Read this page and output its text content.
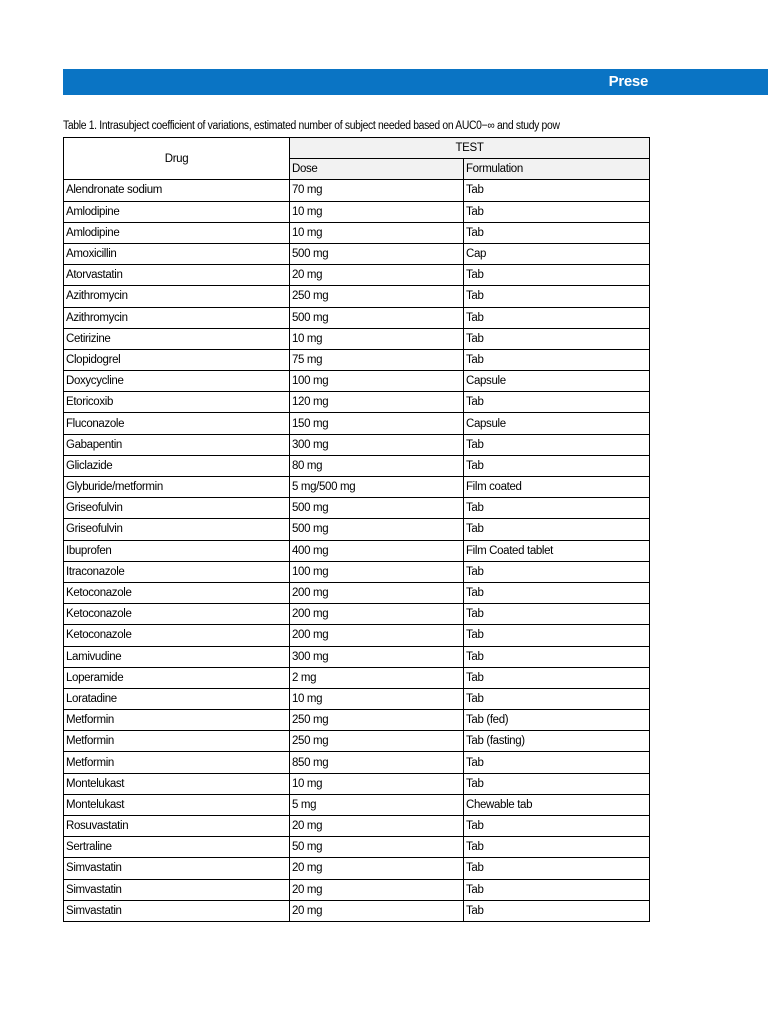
Prese
Table 1. Intrasubject coefficient of variations, estimated number of subject needed based on AUC0−∞ and study pow
Drug	TEST	
	Dose	Formulation
Alendronate sodium	70 mg	Tab
Amlodipine	10 mg	Tab
Amlodipine	10 mg	Tab
Amoxicillin	500 mg	Cap
Atorvastatin	20 mg	Tab
Azithromycin	250 mg	Tab
Azithromycin	500 mg	Tab
Cetirizine	10 mg	Tab
Clopidogrel	75 mg	Tab
Doxycycline	100 mg	Capsule
Etoricoxib	120 mg	Tab
Fluconazole	150 mg	Capsule
Gabapentin	300 mg	Tab
Gliclazide	80 mg	Tab
Glyburide/metformin	5 mg/500 mg	Film coated
Griseofulvin	500 mg	Tab
Griseofulvin	500 mg	Tab
Ibuprofen	400 mg	Film Coated tablet
Itraconazole	100 mg	Tab
Ketoconazole	200 mg	Tab
Ketoconazole	200 mg	Tab
Ketoconazole	200 mg	Tab
Lamivudine	300 mg	Tab
Loperamide	2 mg	Tab
Loratadine	10 mg	Tab
Metformin	250 mg	Tab (fed)
Metformin	250 mg	Tab (fasting)
Metformin	850 mg	Tab
Montelukast	10 mg	Tab
Montelukast	5 mg	Chewable tab
Rosuvastatin	20 mg	Tab
Sertraline	50 mg	Tab
Simvastatin	20 mg	Tab
Simvastatin	20 mg	Tab
Simvastatin	20 mg	Tab
